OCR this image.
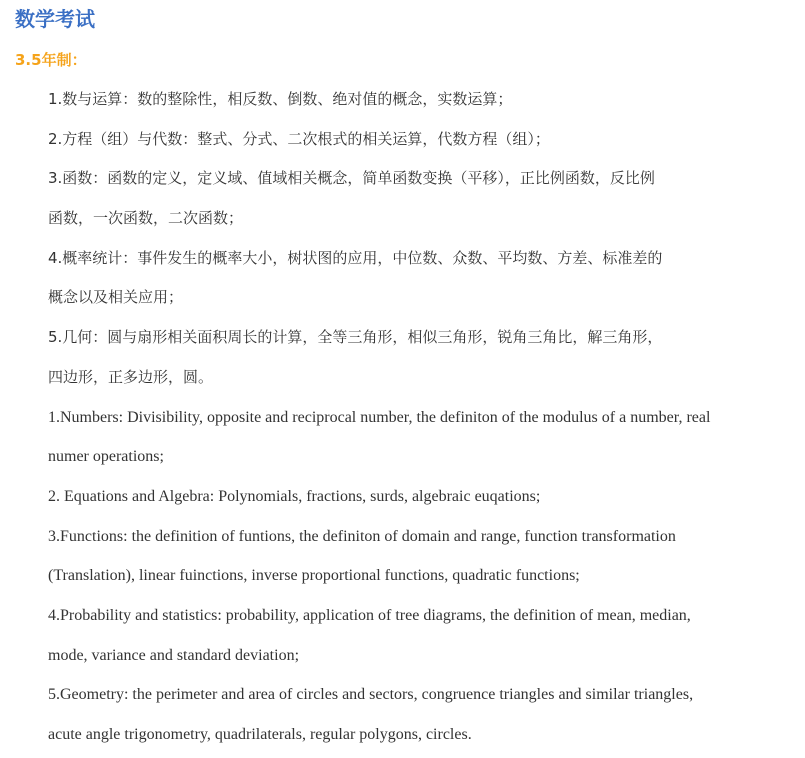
数学考试
3.5年制：
1.数与运算：数的整除性，相反数、倒数、绝对值的概念，实数运算；
2.方程（组）与代数：整式、分式、二次根式的相关运算，代数方程（组）；
3.函数：函数的定义，定义域、值域相关概念，简单函数变换（平移），正比例函数，反比例
函数，一次函数，二次函数；
4.概率统计：事件发生的概率大小，树状图的应用，中位数、众数、平均数、方差、标准差的
概念以及相关应用；
5.几何：圆与扇形相关面积周长的计算，全等三角形，相似三角形，锐角三角比，解三角形，
四边形，正多边形，圆。
1.Numbers: Divisibility, opposite and reciprocal number, the definiton of the modulus of a number, real
numer operations;
2. Equations and Algebra: Polynomials, fractions, surds, algebraic euqations;
3.Functions: the definition of funtions, the definiton of domain and range, function transformation
(Translation), linear fuinctions, inverse proportional functions, quadratic functions;
4.Probability and statistics: probability, application of tree diagrams, the definition of mean, median,
mode, variance and standard deviation;
5.Geometry: the perimeter and area of circles and sectors, congruence triangles and similar triangles,
acute angle trigonometry, quadrilaterals, regular polygons, circles.
